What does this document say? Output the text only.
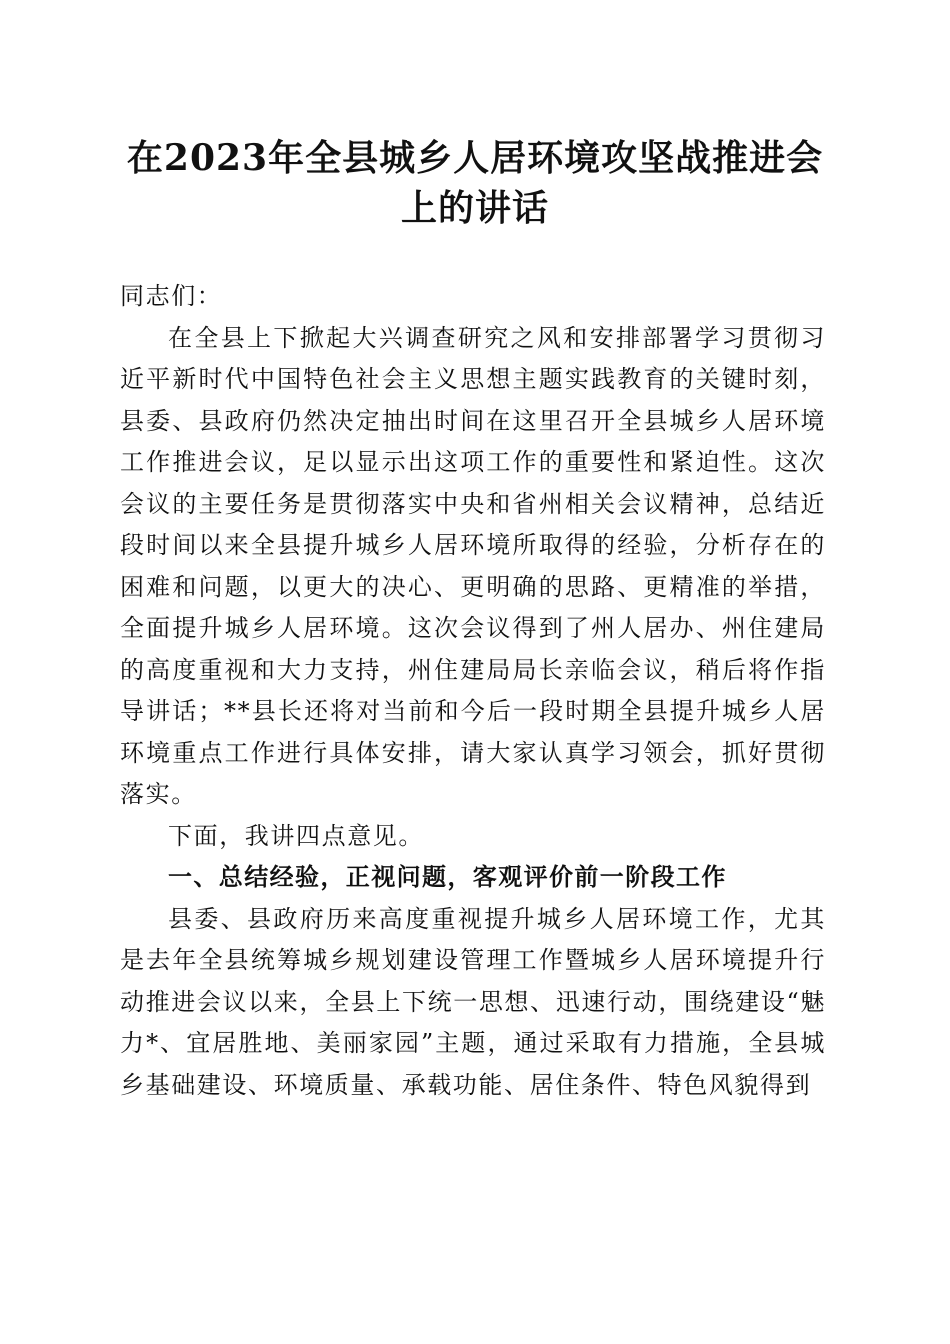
在2023年全县城乡人居环境攻坚战推进会上的讲话

同志们：

在全县上下掀起大兴调查研究之风和安排部署学习贯彻习近平新时代中国特色社会主义思想主题实践教育的关键时刻，县委、县政府仍然决定抽出时间在这里召开全县城乡人居环境工作推进会议，足以显示出这项工作的重要性和紧迫性。这次会议的主要任务是贯彻落实中央和省州相关会议精神，总结近段时间以来全县提升城乡人居环境所取得的经验，分析存在的困难和问题，以更大的决心、更明确的思路、更精准的举措，全面提升城乡人居环境。这次会议得到了州人居办、州住建局的高度重视和大力支持，州住建局局长亲临会议，稍后将作指导讲话；**县长还将对当前和今后一段时期全县提升城乡人居环境重点工作进行具体安排，请大家认真学习领会，抓好贯彻落实。

下面，我讲四点意见。

一、总结经验，正视问题，客观评价前一阶段工作

县委、县政府历来高度重视提升城乡人居环境工作，尤其是去年全县统筹城乡规划建设管理工作暨城乡人居环境提升行动推进会议以来，全县上下统一思想、迅速行动，围绕建设“魅力*、宜居胜地、美丽家园”主题，通过采取有力措施，全县城乡基础建设、环境质量、承载功能、居住条件、特色风貌得到
